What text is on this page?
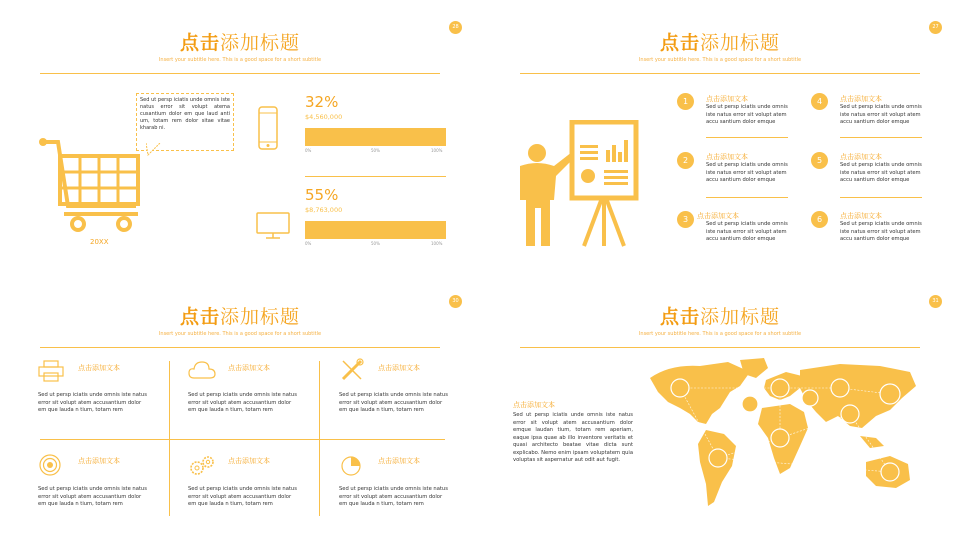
点击添加标题
Insert your subtitle here. This is a good space for a short subtitle
28
20XX
Sed ut persp iciatis unde omnis iste natus error sit volupt atema cusantium dolor em que laud anti um, totam rem dolor sitae vitae kharab ni.
32%
$4,560,000
0%	50%	100%
55%
$8,763,000
0%	50%	100%
点击添加标题
Insert your subtitle here. This is a good space for a short subtitle
27
1	点击添加文本
Sed ut persp iciatis unde omnis iste natus error sit volupt atem accu santium dolor emque
2	点击添加文本
Sed ut persp iciatis unde omnis iste natus error sit volupt atem accu santium dolor emque
3	点击添加文本
Sed ut persp iciatis unde omnis iste natus error sit volupt atem accu santium dolor emque
4	点击添加文本
Sed ut persp iciatis unde omnis iste natus error sit volupt atem accu santium dolor emque
5	点击添加文本
Sed ut persp iciatis unde omnis iste natus error sit volupt atem accu santium dolor emque
6	点击添加文本
Sed ut persp iciatis unde omnis iste natus error sit volupt atem accu santium dolor emque
点击添加标题
Insert your subtitle here. This is a good space for a short subtitle
30
点击添加文本
Sed ut persp iciatis unde omnis iste natus error sit volupt atem accusantium dolor em que lauda n tium, totam rem
点击添加文本
Sed ut persp iciatis unde omnis iste natus error sit volupt atem accusantium dolor em que lauda n tium, totam rem
点击添加文本
Sed ut persp iciatis unde omnis iste natus error sit volupt atem accusantium dolor em que lauda n tium, totam rem
点击添加文本
Sed ut persp iciatis unde omnis iste natus error sit volupt atem accusantium dolor em que lauda n tium, totam rem
点击添加文本
Sed ut persp iciatis unde omnis iste natus error sit volupt atem accusantium dolor em que lauda n tium, totam rem
点击添加文本
Sed ut persp iciatis unde omnis iste natus error sit volupt atem accusantium dolor em que lauda n tium, totam rem
点击添加标题
Insert your subtitle here. This is a good space for a short subtitle
31
点击添加文本
Sed ut persp iciatis unde omnis iste natus error sit volupt atem accusantium dolor emque laudan tium, totam rem aperiam, eaque ipsa quae ab illo inventore veritatis et quasi architecto beatae vitae dicta sunt explicabo. Nemo enim ipsam voluptatem quia voluptas sit aspernatur aut odit aut fugit.
